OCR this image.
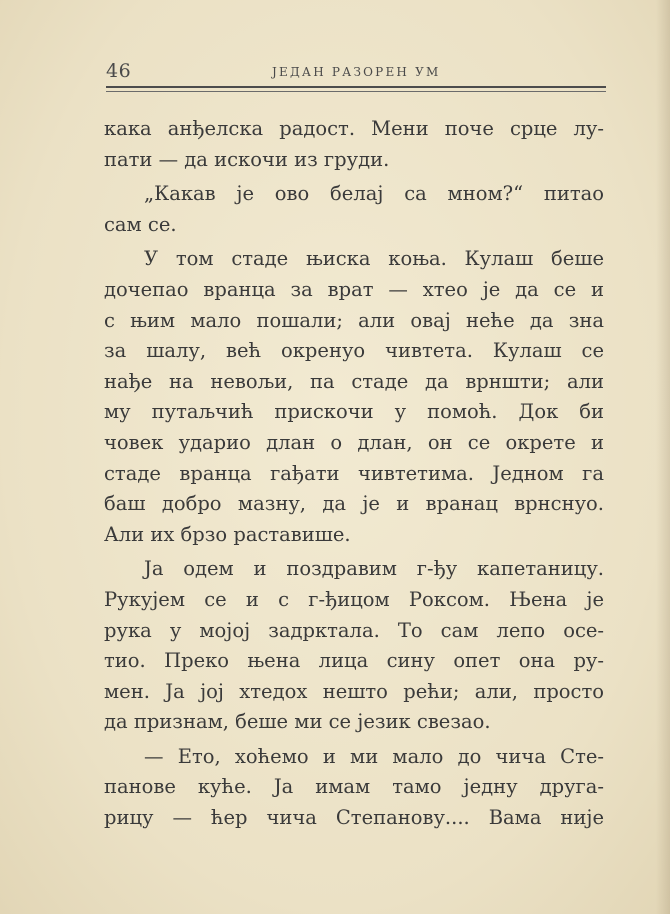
46	ЈЕДАН РАЗОРЕН УМ
кака анђелска радост. Мени поче срце лу-
пати — да искочи из груди.
„Какав је ово белај са мном?“ питао
сам се.
У том стаде њиска коња. Кулаш беше
дочепао вранца за врат — хтео је да се и
с њим мало пошали; али овај неће да зна
за шалу, већ окренуо чивтета. Кулаш се
нађе на невољи, па стаде да врншти; али
му путаљчић прискочи у помоћ. Док би
човек ударио длан о длан, он се окрете и
стаде вранца гађати чивтетима. Једном га
баш добро мазну, да је и вранац врнснуо.
Али их брзо раставише.
Ја одем и поздравим г-ђу капетаницу.
Рукујем се и с г-ђицом Роксом. Њена је
рука у мојој задрктала. То сам лепо осе-
тио. Преко њена лица сину опет она ру-
мен. Ја јој хтедох нешто рећи; али, просто
да признам, беше ми се језик свезао.
— Ето, хоћемо и ми мало до чича Сте-
панове куће. Ја имам тамо једну друга-
рицу — ћер чича Степанову.... Вама није
